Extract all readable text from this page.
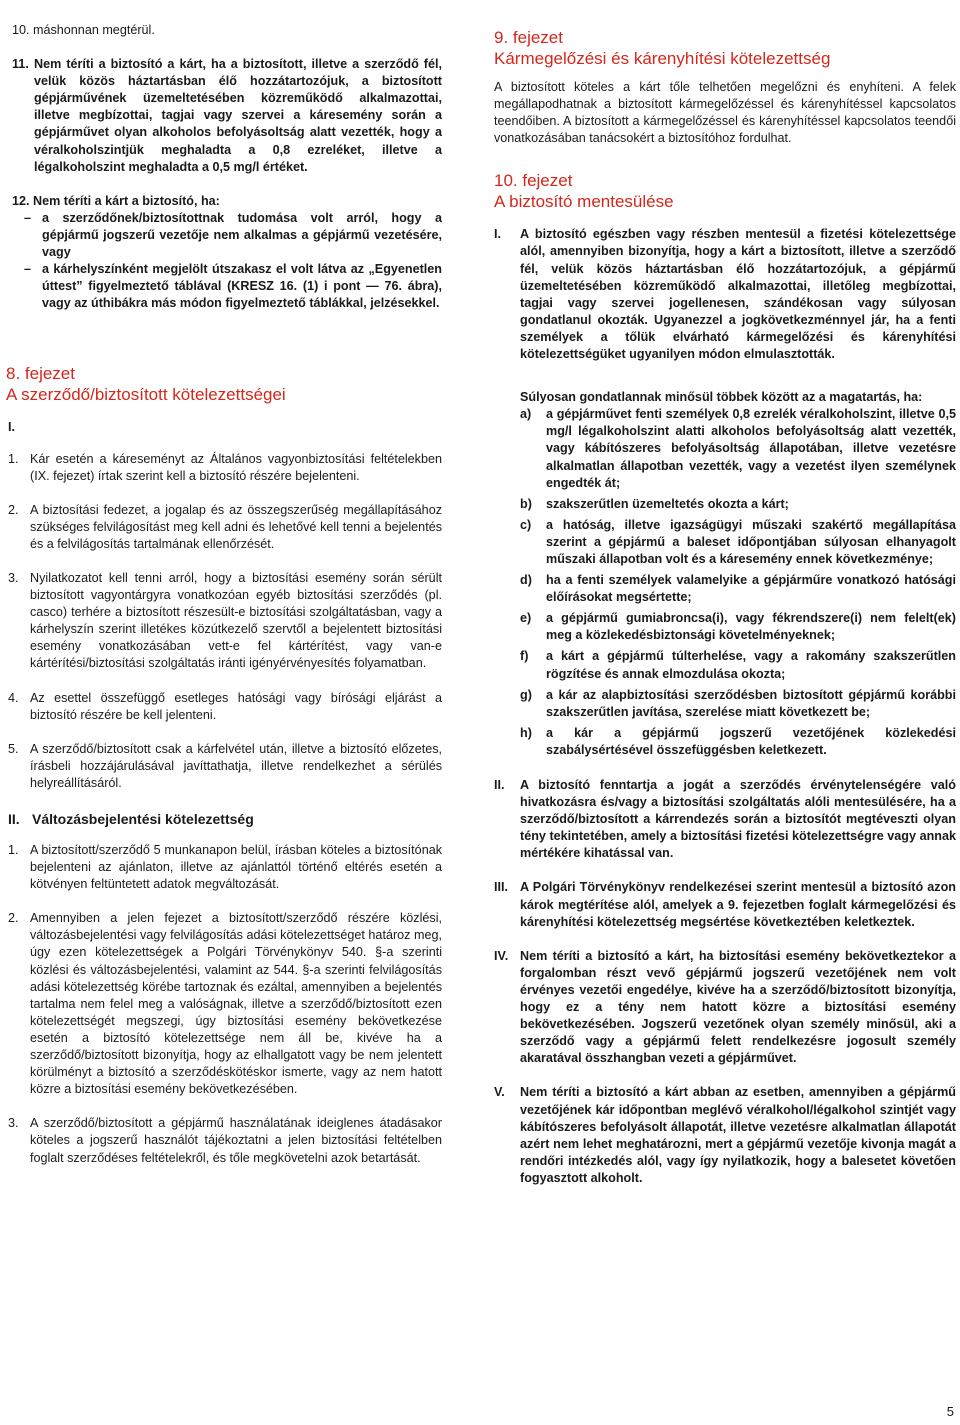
10. máshonnan megtérül.

11. Nem téríti a biztosító a kárt, ha a biztosított, illetve a szerződő fél, velük közös háztartásban élő hozzátartozójuk, a biztosított gépjárművének üzemeltetésében közreműködő alkalmazottai, illetve megbízottai, tagjai vagy szervei a káresemény során a gépjárművet olyan alkoholos befolyásoltság alatt vezették, hogy a véralkoholszintjük meghaladta a 0,8 ezreléket, illetve a légalkoholszint meghaladta a 0,5 mg/l értéket.

12. Nem téríti a kárt a biztosító, ha:

– a szerződőnek/biztosítottnak tudomása volt arról, hogy a gépjármű jogszerű vezetője nem alkalmas a gépjármű vezetésére, vagy
– a kárhelyszínként megjelölt útszakasz el volt látva az „Egyenetlen úttest” figyelmeztető táblával (KRESZ 16. (1) i pont — 76. ábra), vagy az úthibákra más módon figyelmeztető táblákkal, jelzésekkel.
8. fejezet
A szerződő/biztosított kötelezettségei

I.

1. Kár esetén a káreseményt az Általános vagyonbiztosítási feltételekben (IX. fejezet) írtak szerint kell a biztosító részére bejelenteni.
2. A biztosítási fedezet, a jogalap és az összegszerűség megállapításához szükséges felvilágosítást meg kell adni és lehetővé kell tenni a bejelentés és a felvilágosítás tartalmának ellenőrzését.
3. Nyilatkozatot kell tenni arról, hogy a biztosítási esemény során sérült biztosított vagyontárgyra vonatkozóan egyéb biztosítási szerződés (pl. casco) terhére a biztosított részesült-e biztosítási szolgáltatásban, vagy a kárhelyszín szerint illetékes közútkezelő szervtől a bejelentett biztosítási esemény vonatkozásában vett-e fel kártérítést, vagy van-e kártérítési/biztosítási szolgáltatás iránti igényérvényesítés folyamatban.
4. Az esettel összefüggő esetleges hatósági vagy bírósági eljárást a biztosító részére be kell jelenteni.
5. A szerződő/biztosított csak a kárfelvétel után, illetve a biztosító előzetes, írásbeli hozzájárulásával javíttathatja, illetve rendelkezhet a sérülés helyreállításáról.
II. Változásbejelentési kötelezettség
1. A biztosított/szerződő 5 munkanapon belül, írásban köteles a biztosítónak bejelenteni az ajánlaton, illetve az ajánlattól történő eltérés esetén a kötvényen feltüntetett adatok megváltozását.
2. Amennyiben a jelen fejezet a biztosított/szerződő részére közlési, változásbejelentési vagy felvilágosítás adási kötelezettséget határoz meg, úgy ezen kötelezettségek a Polgári Törvénykönyv 540. §-a szerinti közlési és változásbejelentési, valamint az 544. §-a szerinti felvilágosítás adási kötelezettség körébe tartoznak és ezáltal, amennyiben a bejelentés tartalma nem felel meg a valóságnak, illetve a szerződő/biztosított ezen kötelezettségét megszegi, úgy biztosítási esemény bekövetkezése esetén a biztosító kötelezettsége nem áll be, kivéve ha a szerződő/biztosított bizonyítja, hogy az elhallgatott vagy be nem jelentett körülményt a biztosító a szerződéskötéskor ismerte, vagy az nem hatott közre a biztosítási esemény bekövetkezésében.
3. A szerződő/biztosított a gépjármű használatának ideiglenes átadásakor köteles a jogszerű használót tájékoztatni a jelen biztosítási feltételben foglalt szerződéses feltételekről, és tőle megkövetelni azok betartását.
9. fejezet
Kármegelőzési és kárenyhítési kötelezettség

A biztosított köteles a kárt tőle telhetően megelőzni és enyhíteni. A felek megállapodhatnak a biztosított kármegelőzéssel és kárenyhítéssel kapcsolatos teendőiben. A biztosított a kármegelőzéssel és kárenyhítéssel kapcsolatos teendői vonatkozásában tanácsokért a biztosítóhoz fordulhat.

10. fejezet
A biztosító mentesülése
I.	A biztosító egészben vagy részben mentesül a fizetési kötelezettsége alól, amennyiben bizonyítja, hogy a kárt a biztosított, illetve a szerződő fél, velük közös háztartásban élő hozzátartozójuk, a gépjármű üzemeltetésében közreműködő alkalmazottai, illetőleg megbízottai, tagjai vagy szervei jogellenesen, szándékosan vagy súlyosan gondatlanul okozták. Ugyanezzel a jogkövetkezménnyel jár, ha a fenti személyek a tőlük elvárható kármegelőzési és kárenyhítési kötelezettségüket ugyanilyen módon elmulasztották.

Súlyosan gondatlannak minősül többek között az a magatartás, ha:

a)	a gépjárművet fenti személyek 0,8 ezrelék véralkoholszint, illetve 0,5 mg/l légalkoholszint alatti alkoholos befolyásoltság alatt vezették, vagy kábítószeres befolyásoltság állapotában, illetve vezetésre alkalmatlan állapotban vezették, vagy a vezetést ilyen személynek engedték át;
b)	szakszerűtlen üzemeltetés okozta a kárt;
c)	a hatóság, illetve igazságügyi műszaki szakértő megállapítása szerint a gépjármű a baleset időpontjában súlyosan elhanyagolt műszaki állapotban volt és a káresemény ennek következménye;
d)	ha a fenti személyek valamelyike a gépjárműre vonatkozó hatósági előírásokat megsértette;
e)	a gépjármű gumiabroncsa(i), vagy fékrendszere(i) nem felelt(ek) meg a közlekedésbiztonsági követelményeknek;
f)	a kárt a gépjármű túlterhelése, vagy a rakomány szakszerűtlen rögzítése és annak elmozdulása okozta;
g)	a kár az alapbiztosítási szerződésben biztosított gépjármű korábbi szakszerűtlen javítása, szerelése miatt következett be;
h)	a kár a gépjármű jogszerű vezetőjének közlekedési szabálysértésével összefüggésben keletkezett.
II.	A biztosító fenntartja a jogát a szerződés érvénytelenségére való hivatkozásra és/vagy a biztosítási szolgáltatás alóli mentesülésére, ha a szerződő/biztosított a kárrendezés során a biztosítót megtéveszti olyan tény tekintetében, amely a biztosítási fizetési kötelezettségre vagy annak mértékére kihatással van.
III. A Polgári Törvénykönyv rendelkezései szerint mentesül a biztosító azon károk megtérítése alól, amelyek a 9. fejezetben foglalt kármegelőzési és kárenyhítési kötelezettség megsértése következtében keletkeztek.
IV. Nem téríti a biztosító a kárt, ha biztosítási esemény bekövetkeztekor a forgalomban részt vevő gépjármű jogszerű vezetőjének nem volt érvényes vezetői engedélye, kivéve ha a szerződő/biztosított bizonyítja, hogy ez a tény nem hatott közre a biztosítási esemény bekövetkezésében. Jogszerű vezetőnek olyan személy minősül, aki a szerződő vagy a gépjármű felett rendelkezésre jogosult személy akaratával összhangban vezeti a gépjárművet.
V.	Nem téríti a biztosító a kárt abban az esetben, amennyiben a gépjármű vezetőjének kár időpontban meglévő véralkohol/légalkohol szintjét vagy kábítószeres befolyásolt állapotát, illetve vezetésre alkalmatlan állapotát azért nem lehet meghatározni, mert a gépjármű vezetője kivonja magát a rendőri intézkedés alól, vagy így nyilatkozik, hogy a balesetet követően fogyasztott alkoholt.
5
